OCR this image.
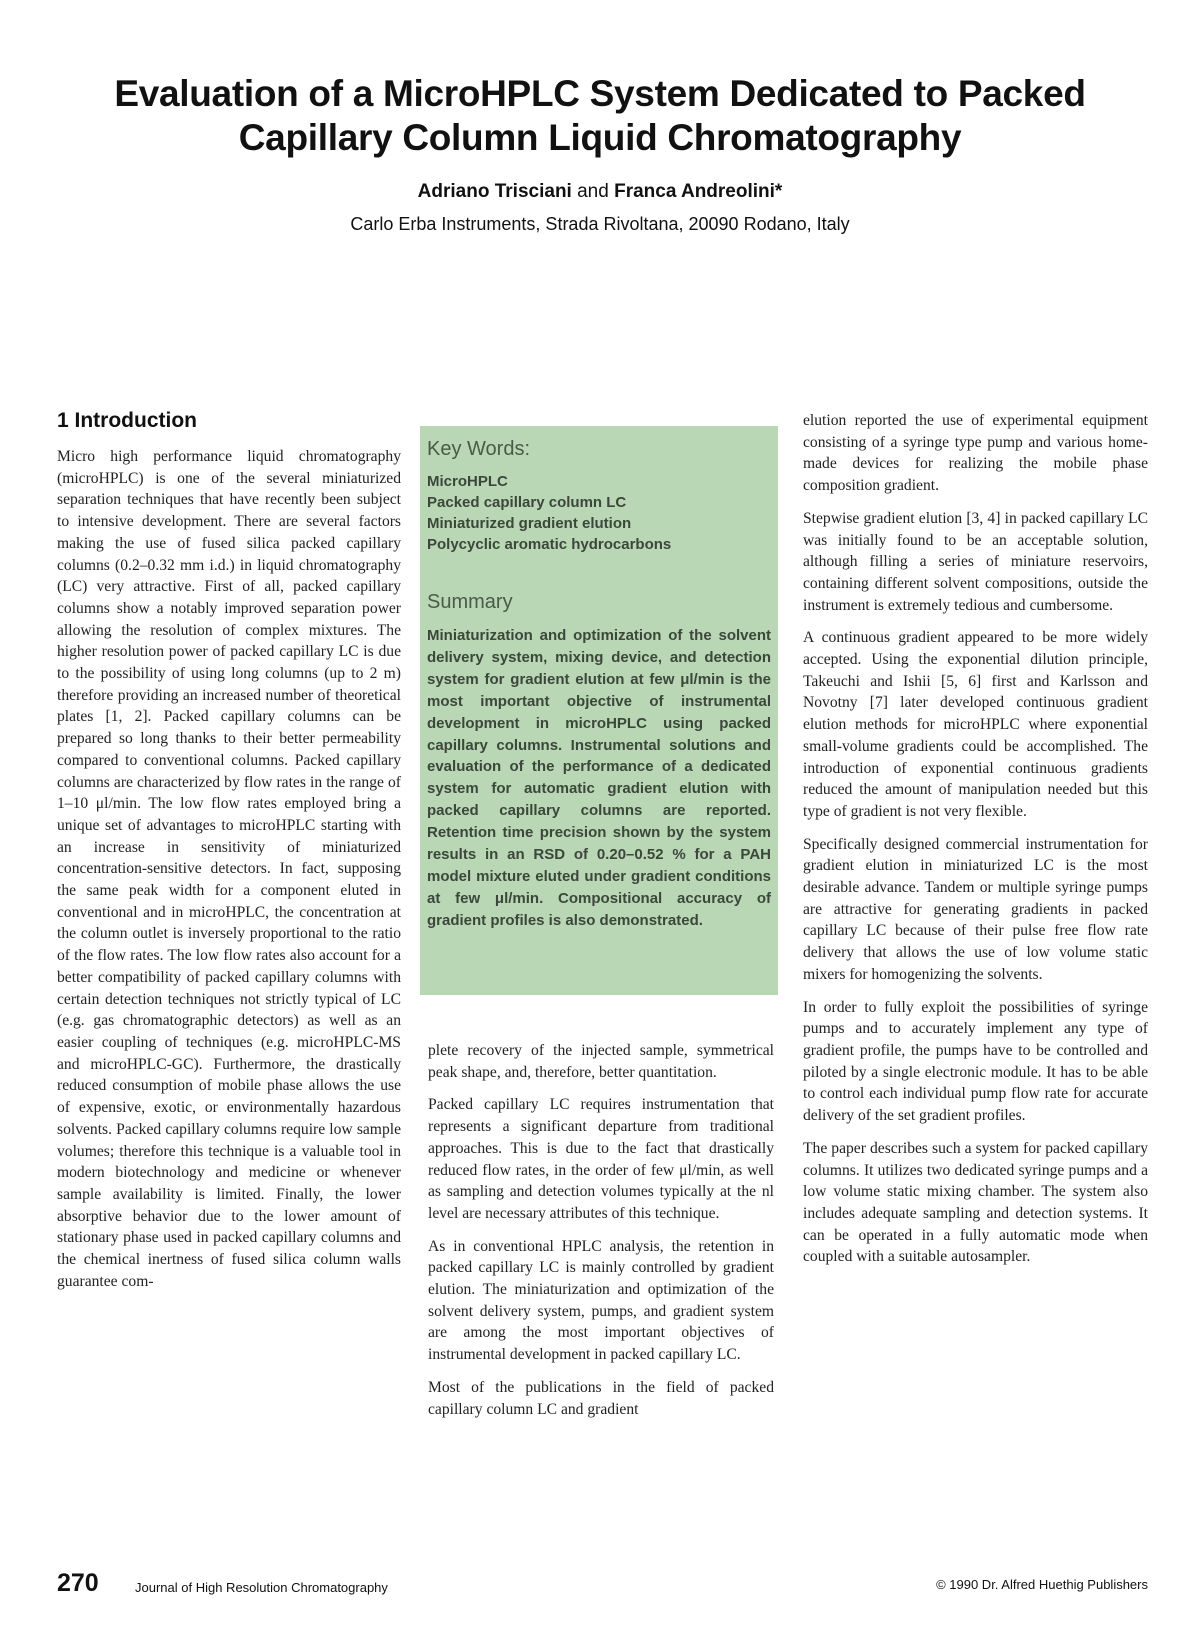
Evaluation of a MicroHPLC System Dedicated to Packed Capillary Column Liquid Chromatography
Adriano Trisciani and Franca Andreolini*
Carlo Erba Instruments, Strada Rivoltana, 20090 Rodano, Italy
1 Introduction

Micro high performance liquid chromatography (microHPLC) is one of the several miniaturized separation techniques that have recently been subject to intensive development. There are several factors making the use of fused silica packed capillary columns (0.2–0.32 mm i.d.) in liquid chromatography (LC) very attractive. First of all, packed capillary columns show a notably improved separation power allowing the resolution of complex mixtures. The higher resolution power of packed capillary LC is due to the possibility of using long columns (up to 2 m) therefore providing an increased number of theoretical plates [1, 2]. Packed capillary columns can be prepared so long thanks to their better permeability compared to conventional columns. Packed capillary columns are characterized by flow rates in the range of 1–10 μl/min. The low flow rates employed bring a unique set of advantages to microHPLC starting with an increase in sensitivity of miniaturized concentration-sensitive detectors. In fact, supposing the same peak width for a component eluted in conventional and in microHPLC, the concentration at the column outlet is inversely proportional to the ratio of the flow rates. The low flow rates also account for a better compatibility of packed capillary columns with certain detection techniques not strictly typical of LC (e.g. gas chromatographic detectors) as well as an easier coupling of techniques (e.g. microHPLC-MS and microHPLC-GC). Furthermore, the drastically reduced consumption of mobile phase allows the use of expensive, exotic, or environmentally hazardous solvents. Packed capillary columns require low sample volumes; therefore this technique is a valuable tool in modern biotechnology and medicine or whenever sample availability is limited. Finally, the lower absorptive behavior due to the lower amount of stationary phase used in packed capillary columns and the chemical inertness of fused silica column walls guarantee com-

Key Words:
MicroHPLC
Packed capillary column LC
Miniaturized gradient elution
Polycyclic aromatic hydrocarbons
Summary
Miniaturization and optimization of the solvent delivery system, mixing device, and detection system for gradient elution at few μl/min is the most important objective of instrumental development in microHPLC using packed capillary columns. Instrumental solutions and evaluation of the performance of a dedicated system for automatic gradient elution with packed capillary columns are reported. Retention time precision shown by the system results in an RSD of 0.20–0.52 % for a PAH model mixture eluted under gradient conditions at few μl/min. Compositional accuracy of gradient profiles is also demonstrated.

plete recovery of the injected sample, symmetrical peak shape, and, therefore, better quantitation.

Packed capillary LC requires instrumentation that represents a significant departure from traditional approaches. This is due to the fact that drastically reduced flow rates, in the order of few μl/min, as well as sampling and detection volumes typically at the nl level are necessary attributes of this technique.

As in conventional HPLC analysis, the retention in packed capillary LC is mainly controlled by gradient elution. The miniaturization and optimization of the solvent delivery system, pumps, and gradient system are among the most important objectives of instrumental development in packed capillary LC.

Most of the publications in the field of packed capillary column LC and gradient

elution reported the use of experimental equipment consisting of a syringe type pump and various home-made devices for realizing the mobile phase composition gradient.

Stepwise gradient elution [3, 4] in packed capillary LC was initially found to be an acceptable solution, although filling a series of miniature reservoirs, containing different solvent compositions, outside the instrument is extremely tedious and cumbersome.

A continuous gradient appeared to be more widely accepted. Using the exponential dilution principle, Takeuchi and Ishii [5, 6] first and Karlsson and Novotny [7] later developed continuous gradient elution methods for microHPLC where exponential small-volume gradients could be accomplished. The introduction of exponential continuous gradients reduced the amount of manipulation needed but this type of gradient is not very flexible.

Specifically designed commercial instrumentation for gradient elution in miniaturized LC is the most desirable advance. Tandem or multiple syringe pumps are attractive for generating gradients in packed capillary LC because of their pulse free flow rate delivery that allows the use of low volume static mixers for homogenizing the solvents.

In order to fully exploit the possibilities of syringe pumps and to accurately implement any type of gradient profile, the pumps have to be controlled and piloted by a single electronic module. It has to be able to control each individual pump flow rate for accurate delivery of the set gradient profiles.

The paper describes such a system for packed capillary columns. It utilizes two dedicated syringe pumps and a low volume static mixing chamber. The system also includes adequate sampling and detection systems. It can be operated in a fully automatic mode when coupled with a suitable autosampler.

270	Journal of High Resolution Chromatography	© 1990 Dr. Alfred Huethig Publishers
